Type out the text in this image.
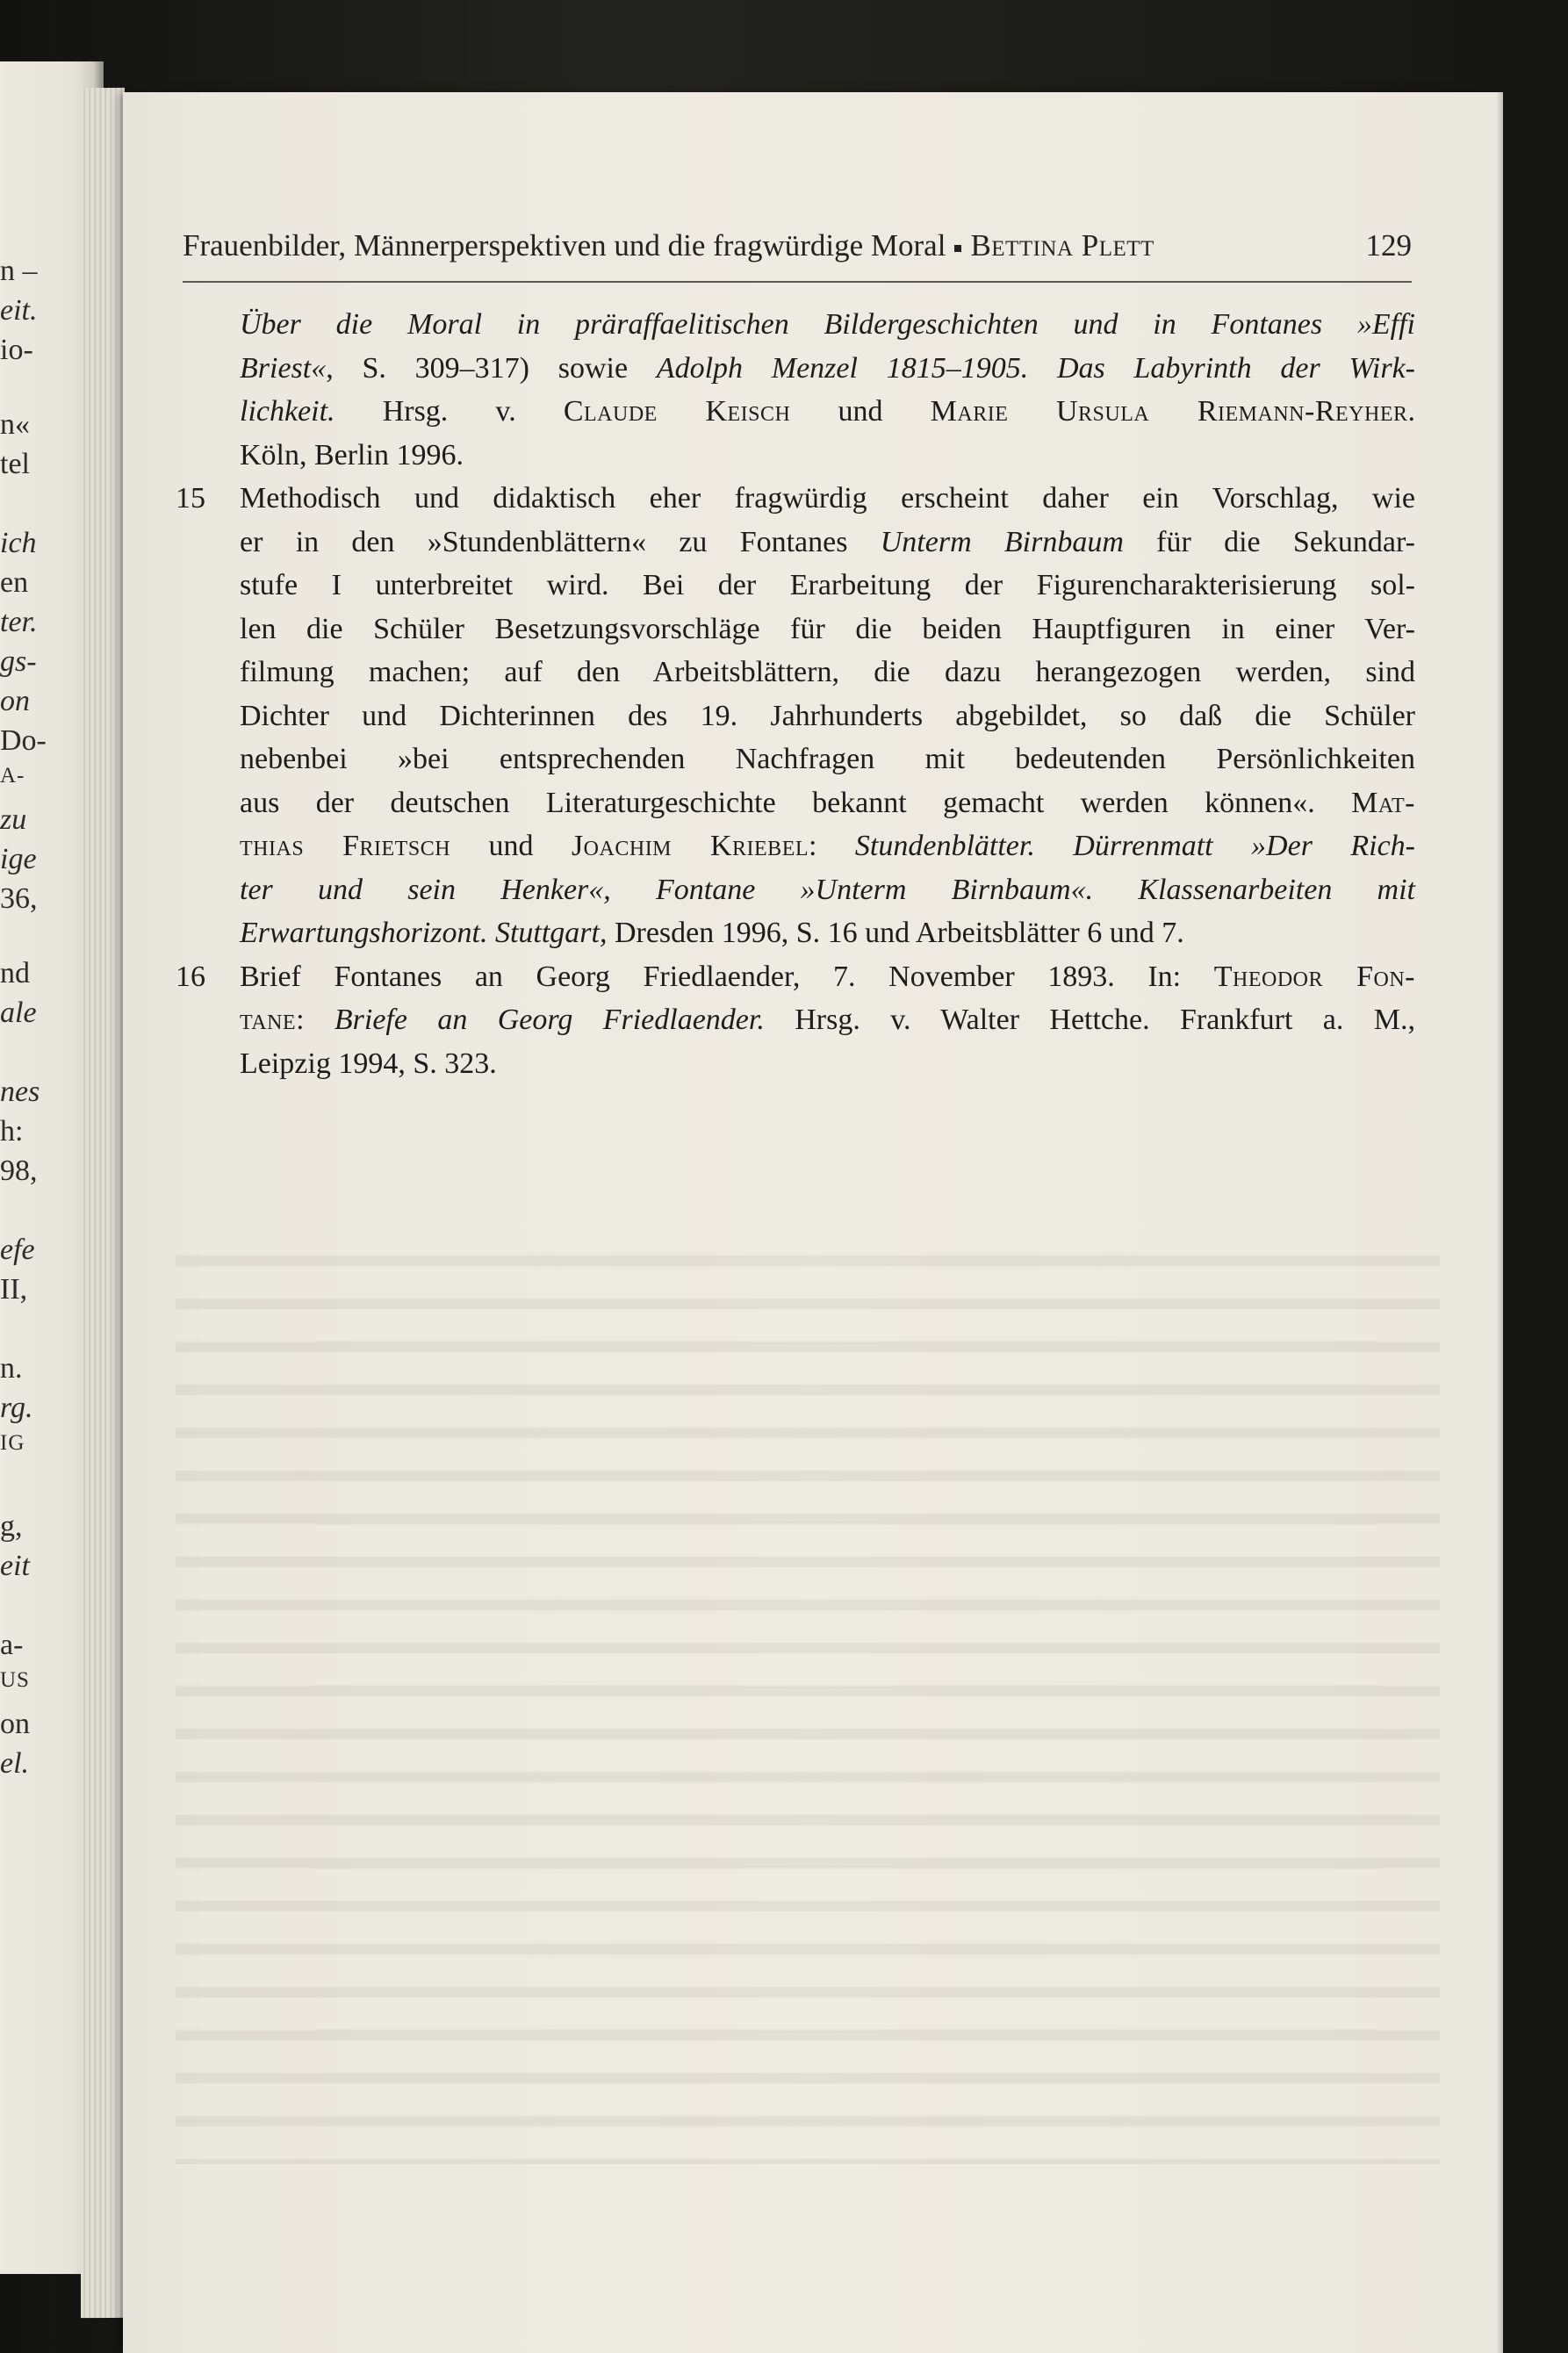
n –
eit.
io-
n«
tel
ich
en
ter.
gs-
on
Do-
A-
zu
ige
36,
nd
ale
nes
h:
98,
efe
II,
n.
rg.
IG
g,
eit
a-
US
on
el.
Frauenbilder, Männerperspektiven und die fragwürdige Moral Bettina Plett	129
Über die Moral in präraffaelitischen Bildergeschichten und in Fontanes »Effi
Briest«, S. 309–317) sowie Adolph Menzel 1815–1905. Das Labyrinth der Wirk-
lichkeit. Hrsg. v. Claude Keisch und Marie Ursula Riemann-Reyher.
Köln, Berlin 1996.
15	Methodisch und didaktisch eher fragwürdig erscheint daher ein Vorschlag, wie
er in den »Stundenblättern« zu Fontanes Unterm Birnbaum für die Sekundar-
stufe I unterbreitet wird. Bei der Erarbeitung der Figurencharakterisierung sol-
len die Schüler Besetzungsvorschläge für die beiden Hauptfiguren in einer Ver-
filmung machen; auf den Arbeitsblättern, die dazu herangezogen werden, sind
Dichter und Dichterinnen des 19. Jahrhunderts abgebildet, so daß die Schüler
nebenbei »bei entsprechenden Nachfragen mit bedeutenden Persönlichkeiten
aus der deutschen Literaturgeschichte bekannt gemacht werden können«. Mat-
thias Frietsch und Joachim Kriebel: Stundenblätter. Dürrenmatt »Der Rich-
ter und sein Henker«, Fontane »Unterm Birnbaum«. Klassenarbeiten mit
Erwartungshorizont. Stuttgart, Dresden 1996, S. 16 und Arbeitsblätter 6 und 7.
16	Brief Fontanes an Georg Friedlaender, 7. November 1893. In: Theodor Fon-
tane: Briefe an Georg Friedlaender. Hrsg. v. Walter Hettche. Frankfurt a. M.,
Leipzig 1994, S. 323.
